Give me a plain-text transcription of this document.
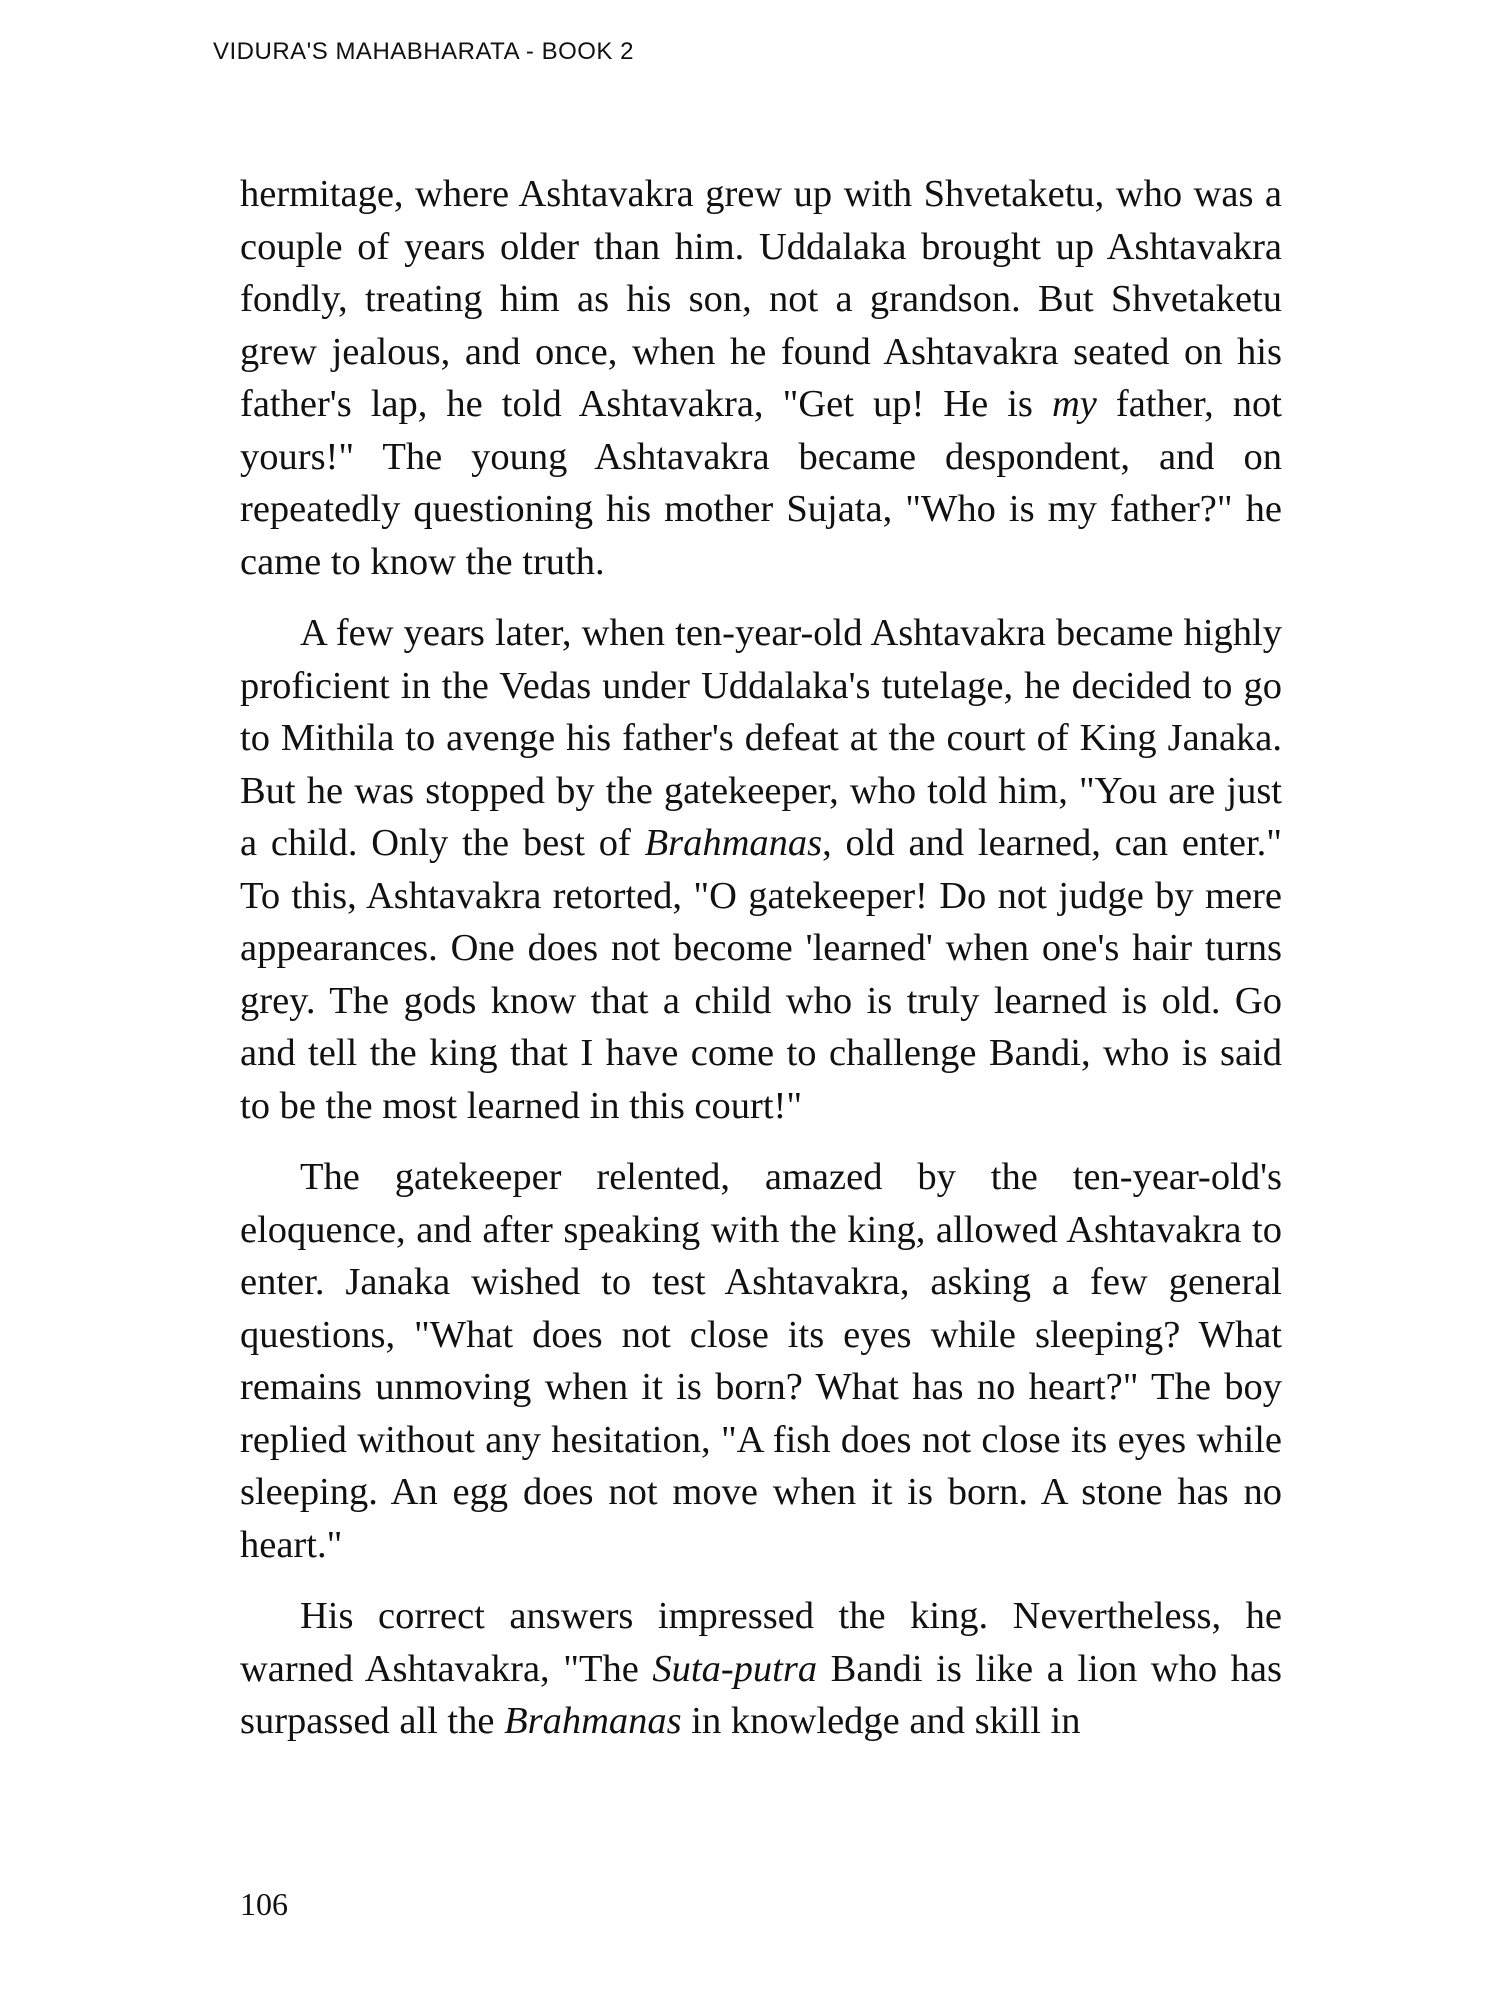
VIDURA'S MAHABHARATA - BOOK 2

hermitage, where Ashtavakra grew up with Shvetaketu, who was a couple of years older than him. Uddalaka brought up Ashtavakra fondly, treating him as his son, not a grandson. But Shvetaketu grew jealous, and once, when he found Ashtavakra seated on his father's lap, he told Ashtavakra, "Get up! He is my father, not yours!" The young Ashtavakra became despondent, and on repeatedly questioning his mother Sujata, "Who is my father?" he came to know the truth.

A few years later, when ten-year-old Ashtavakra became highly proficient in the Vedas under Uddalaka's tutelage, he decided to go to Mithila to avenge his father's defeat at the court of King Janaka. But he was stopped by the gatekeeper, who told him, "You are just a child. Only the best of Brahmanas, old and learned, can enter." To this, Ashtavakra retorted, "O gatekeeper! Do not judge by mere appearances. One does not become 'learned' when one's hair turns grey. The gods know that a child who is truly learned is old. Go and tell the king that I have come to challenge Bandi, who is said to be the most learned in this court!"

The gatekeeper relented, amazed by the ten-year-old's eloquence, and after speaking with the king, allowed Ashtavakra to enter. Janaka wished to test Ashtavakra, asking a few general questions, "What does not close its eyes while sleeping? What remains unmoving when it is born? What has no heart?" The boy replied without any hesitation, "A fish does not close its eyes while sleeping. An egg does not move when it is born. A stone has no heart."

His correct answers impressed the king. Nevertheless, he warned Ashtavakra, "The Suta-putra Bandi is like a lion who has surpassed all the Brahmanas in knowledge and skill in

106
